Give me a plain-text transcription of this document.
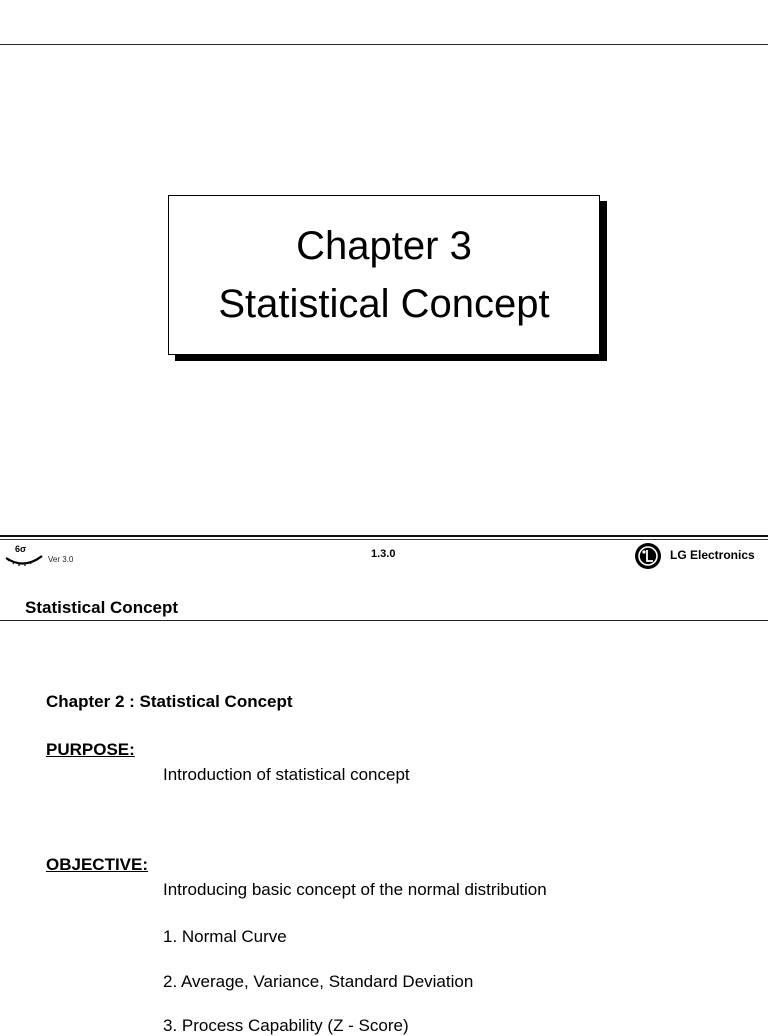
Chapter 3
Statistical Concept
6σ
Ver 3.0	1.3.0	LG Electronics
Statistical Concept
Chapter 2 : Statistical Concept
PURPOSE:
Introduction of statistical concept
OBJECTIVE:
Introducing basic concept of the normal distribution
1. Normal Curve
2. Average, Variance, Standard Deviation
3. Process Capability (Z - Score)
